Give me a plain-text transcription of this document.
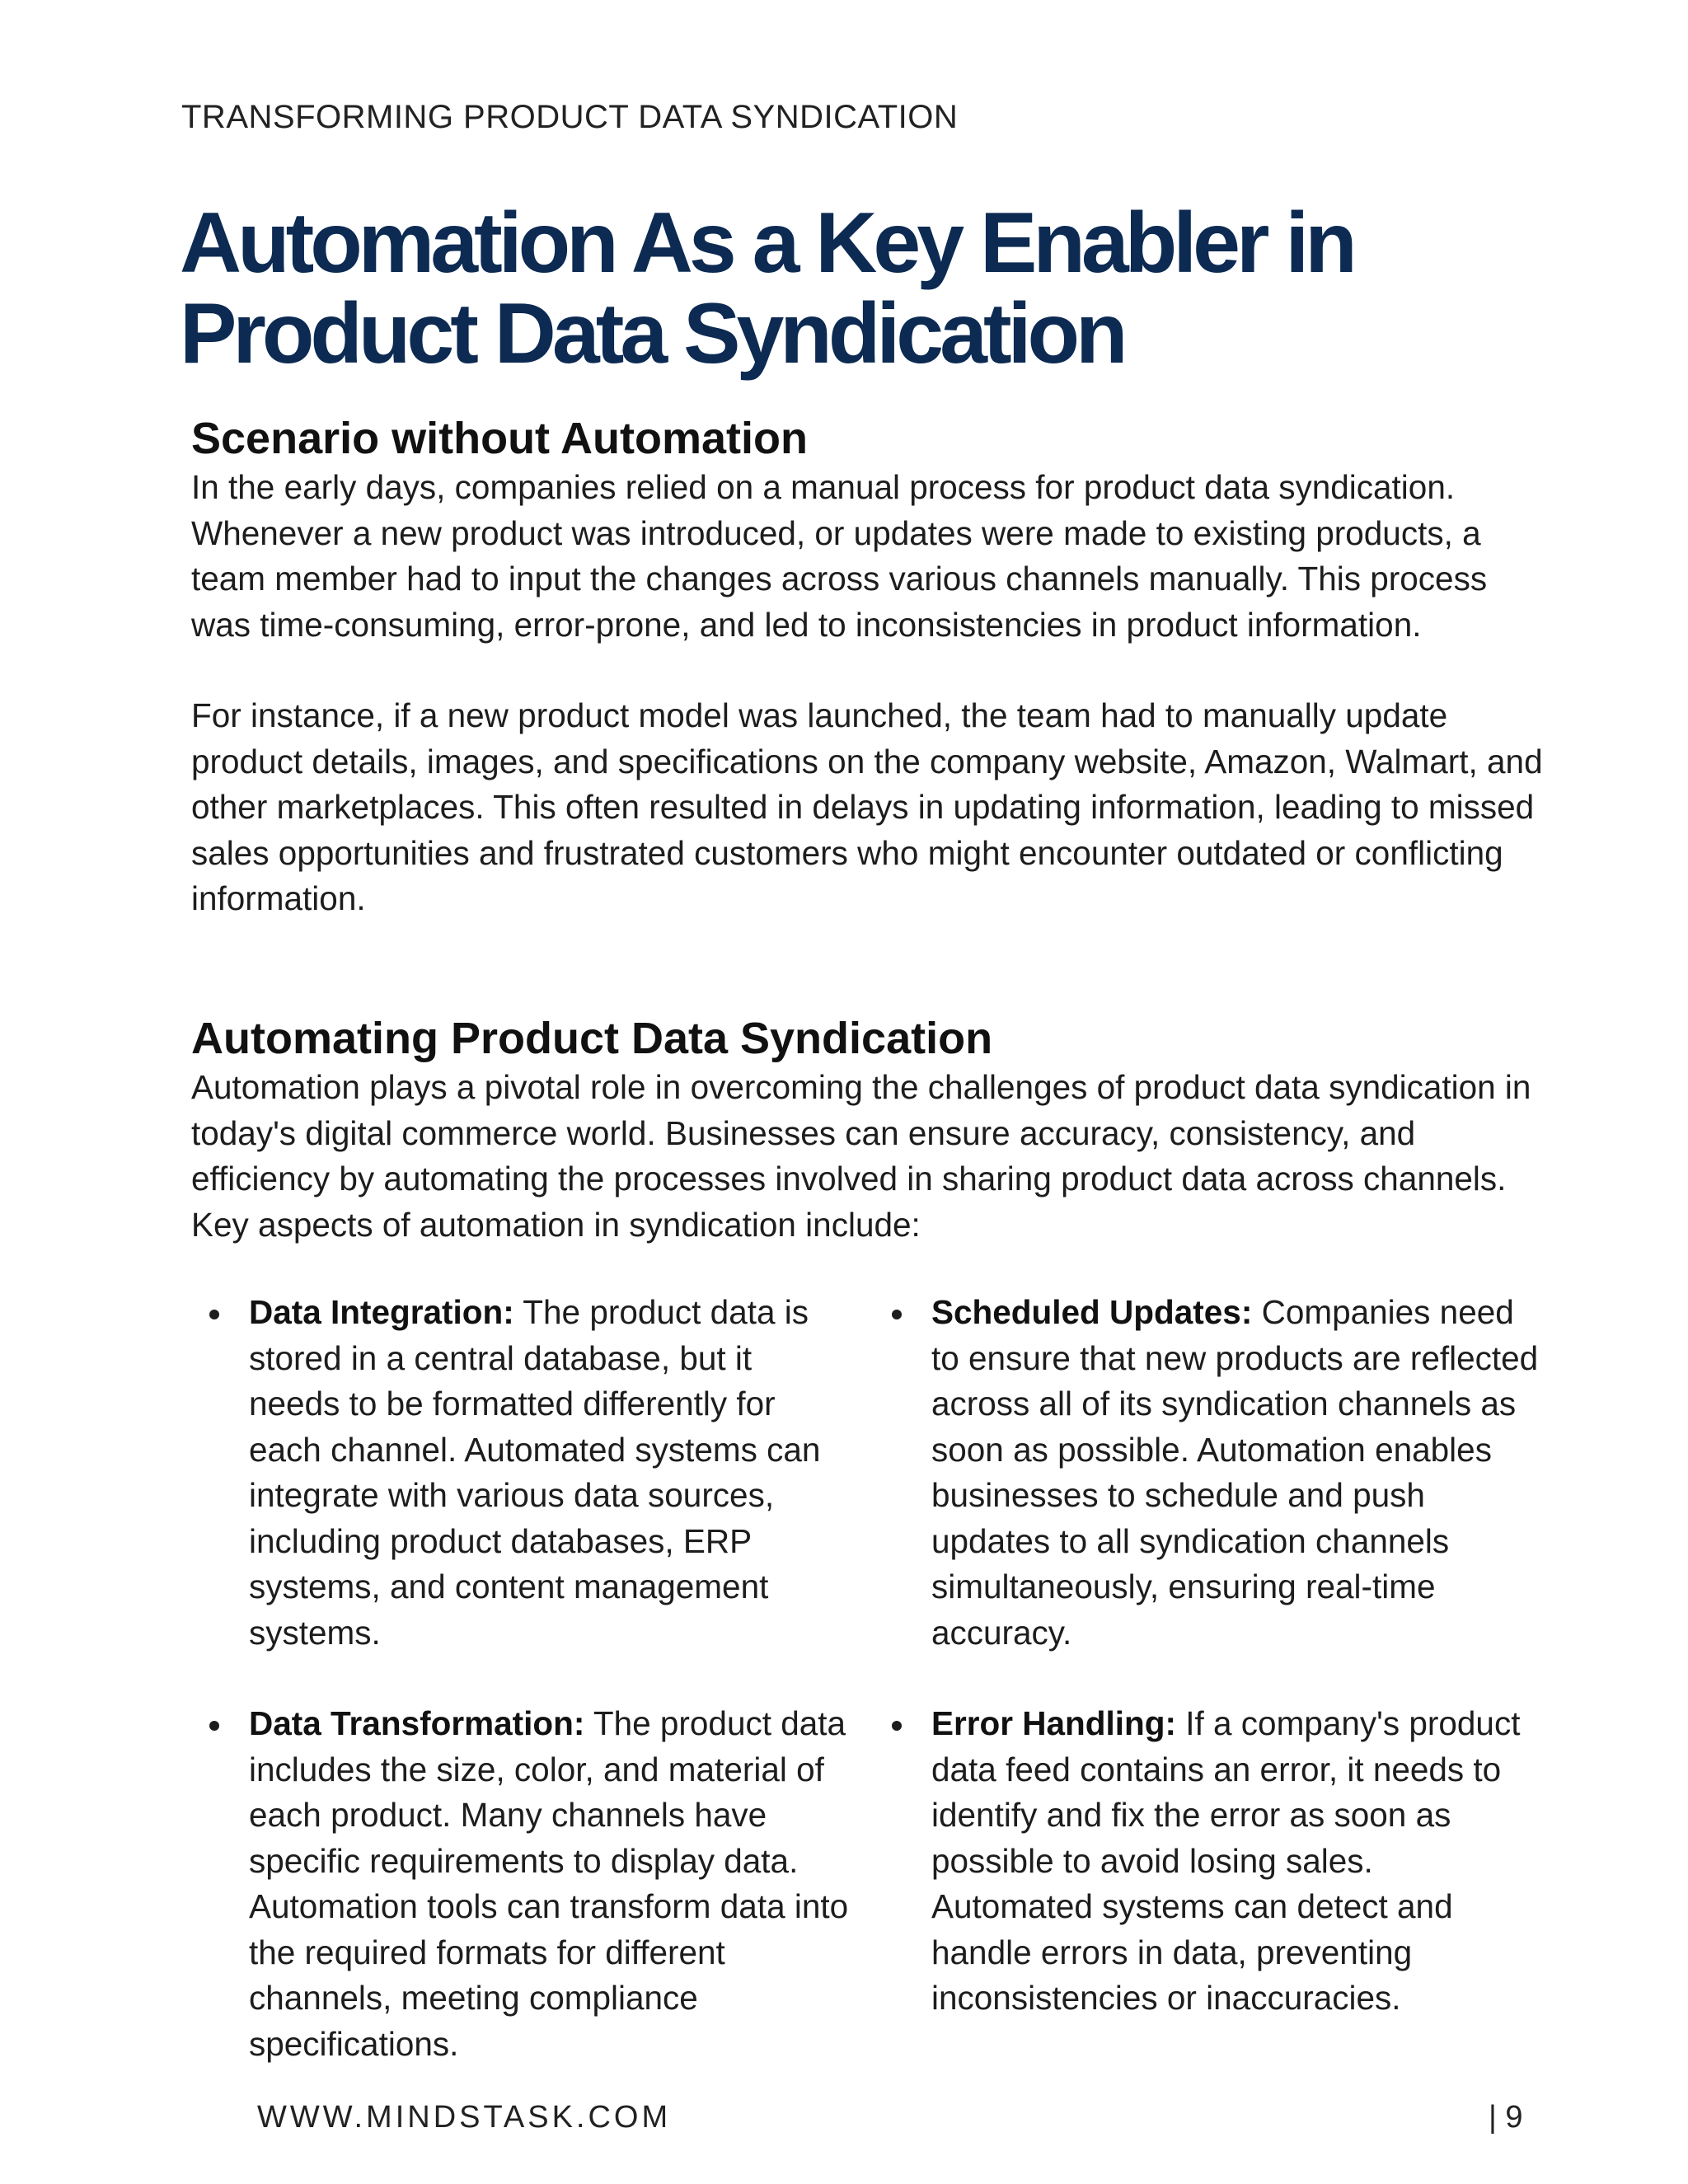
TRANSFORMING PRODUCT DATA SYNDICATION
Automation As a Key Enabler in Product Data Syndication
Scenario without Automation

In the early days, companies relied on a manual process for product data syndication. Whenever a new product was introduced, or updates were made to existing products, a team member had to input the changes across various channels manually. This process was time-consuming, error-prone, and led to inconsistencies in product information.

For instance, if a new product model was launched, the team had to manually update product details, images, and specifications on the company website, Amazon, Walmart, and other marketplaces. This often resulted in delays in updating information, leading to missed sales opportunities and frustrated customers who might encounter outdated or conflicting information.

Automating Product Data Syndication

Automation plays a pivotal role in overcoming the challenges of product data syndication in today's digital commerce world. Businesses can ensure accuracy, consistency, and efficiency by automating the processes involved in sharing product data across channels. Key aspects of automation in syndication include:

Data Integration: The product data is stored in a central database, but it needs to be formatted differently for each channel. Automated systems can integrate with various data sources, including product databases, ERP systems, and content management systems.
Data Transformation: The product data includes the size, color, and material of each product. Many channels have specific requirements to display data. Automation tools can transform data into the required formats for different channels, meeting compliance specifications.
Scheduled Updates: Companies need to ensure that new products are reflected across all of its syndication channels as soon as possible. Automation enables businesses to schedule and push updates to all syndication channels simultaneously, ensuring real-time accuracy.
Error Handling: If a company's product data feed contains an error, it needs to identify and fix the error as soon as possible to avoid losing sales. Automated systems can detect and handle errors in data, preventing inconsistencies or inaccuracies.
WWW.MINDSTASK.COM	| 9
